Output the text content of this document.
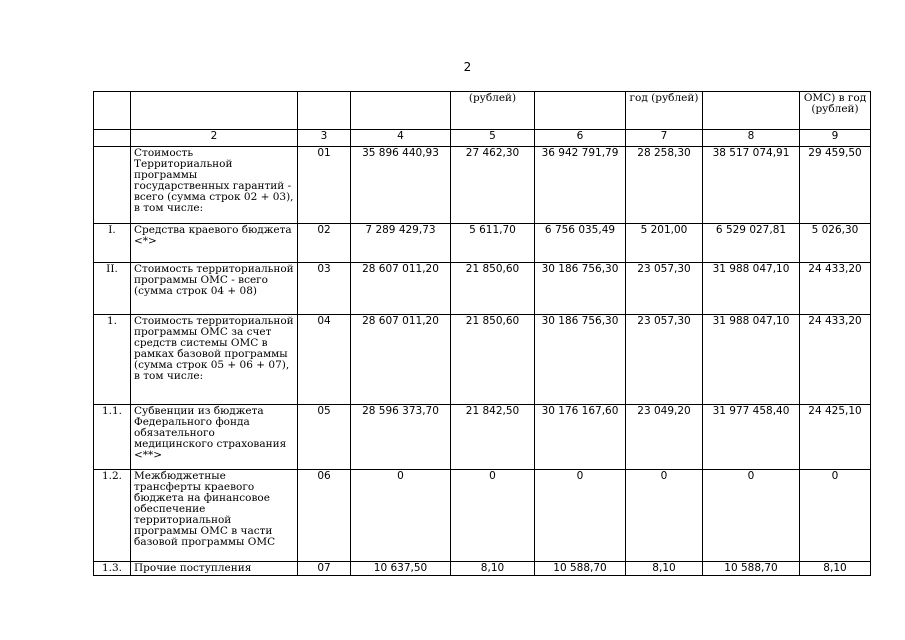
2
				(рублей)		год (рублей)		ОМС) в год (рублей)
	2	3	4	5	6	7	8	9
	Стоимость Территориальной программы государственных гарантий - всего (сумма строк 02 + 03), в том числе:	01	35 896 440,93	27 462,30	36 942 791,79	28 258,30	38 517 074,91	29 459,50
I.	Средства краевого бюджета <*>	02	7 289 429,73	5 611,70	6 756 035,49	5 201,00	6 529 027,81	5 026,30
II.	Стоимость территориальной программы ОМС - всего (сумма строк 04 + 08)	03	28 607 011,20	21 850,60	30 186 756,30	23 057,30	31 988 047,10	24 433,20
1.	Стоимость территориальной программы ОМС за счет средств системы ОМС в рамках базовой программы (сумма строк 05 + 06 + 07), в том числе:	04	28 607 011,20	21 850,60	30 186 756,30	23 057,30	31 988 047,10	24 433,20
1.1.	Субвенции из бюджета Федерального фонда обязательного медицинского страхования <**>	05	28 596 373,70	21 842,50	30 176 167,60	23 049,20	31 977 458,40	24 425,10
1.2.	Межбюджетные трансферты краевого бюджета на финансовое обеспечение территориальной программы ОМС в части базовой программы ОМС	06	0	0	0	0	0	0
1.3.	Прочие поступления	07	10 637,50	8,10	10 588,70	8,10	10 588,70	8,10
